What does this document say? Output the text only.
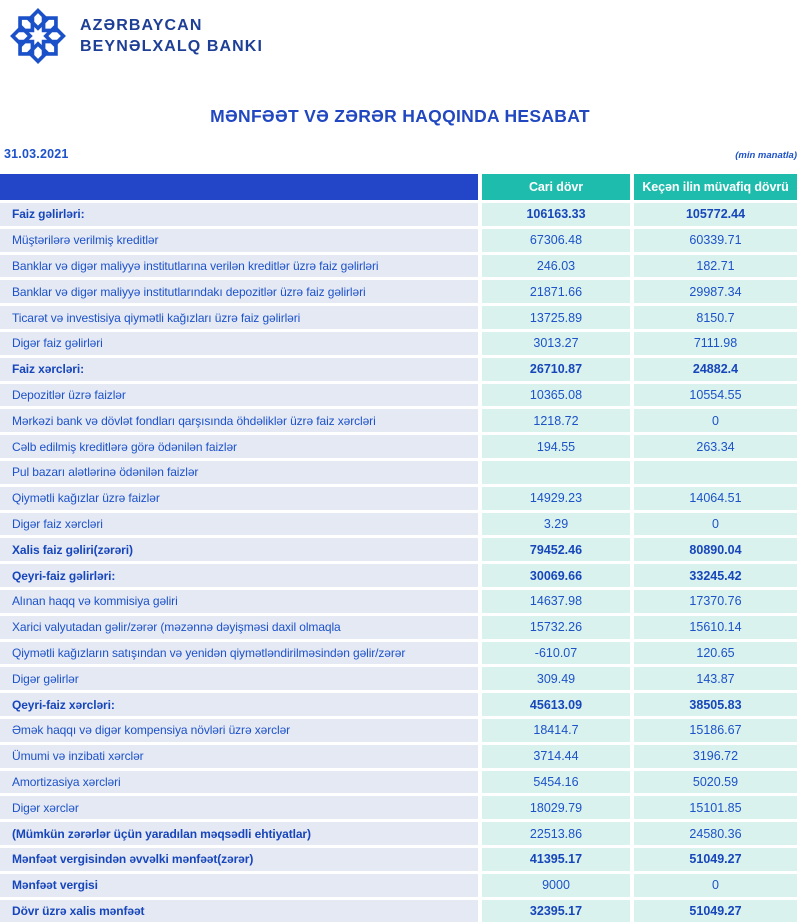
AZƏRBAYCAN
BEYNƏLXALQ BANKI
MƏNFƏƏT VƏ ZƏRƏR HAQQINDA HESABAT
31.03.2021	(min manatla)
Cari dövr	Keçən ilin müvafiq dövrü
Faiz gəlirləri:	106163.33	105772.44
Müştərilərə verilmiş kreditlər	67306.48	60339.71
Banklar və digər maliyyə institutlarına verilən kreditlər üzrə faiz gəlirləri	246.03	182.71
Banklar və digər maliyyə institutlarındakı depozitlər üzrə faiz gəlirləri	21871.66	29987.34
Ticarət və investisiya qiymətli kağızları üzrə faiz gəlirləri	13725.89	8150.7
Digər faiz gəlirləri	3013.27	7111.98
Faiz xərcləri:	26710.87	24882.4
Depozitlər üzrə faizlər	10365.08	10554.55
Mərkəzi bank və dövlət fondları qarşısında öhdəliklər üzrə faiz xərcləri	1218.72	0
Cəlb edilmiş kreditlərə görə ödənilən faizlər	194.55	263.34
Pul bazarı alətlərinə ödənilən faizlər
Qiymətli kağızlar üzrə faizlər	14929.23	14064.51
Digər faiz xərcləri	3.29	0
Xalis faiz gəliri(zərəri)	79452.46	80890.04
Qeyri-faiz gəlirləri:	30069.66	33245.42
Alınan haqq və kommisiya gəliri	14637.98	17370.76
Xarici valyutadan gəlir/zərər (məzənnə dəyişməsi daxil olmaqla	15732.26	15610.14
Qiymətli kağızların satışından və yenidən qiymətləndirilməsindən gəlir/zərər	-610.07	120.65
Digər gəlirlər	309.49	143.87
Qeyri-faiz xərcləri:	45613.09	38505.83
Əmək haqqı və digər kompensiya növləri üzrə xərclər	18414.7	15186.67
Ümumi və inzibati xərclər	3714.44	3196.72
Amortizasiya xərcləri	5454.16	5020.59
Digər xərclər	18029.79	15101.85
(Mümkün zərərlər üçün yaradılan məqsədli ehtiyatlar)	22513.86	24580.36
Mənfəət vergisindən əvvəlki mənfəət(zərər)	41395.17	51049.27
Mənfəət vergisi	9000	0
Dövr üzrə xalis mənfəət	32395.17	51049.27
